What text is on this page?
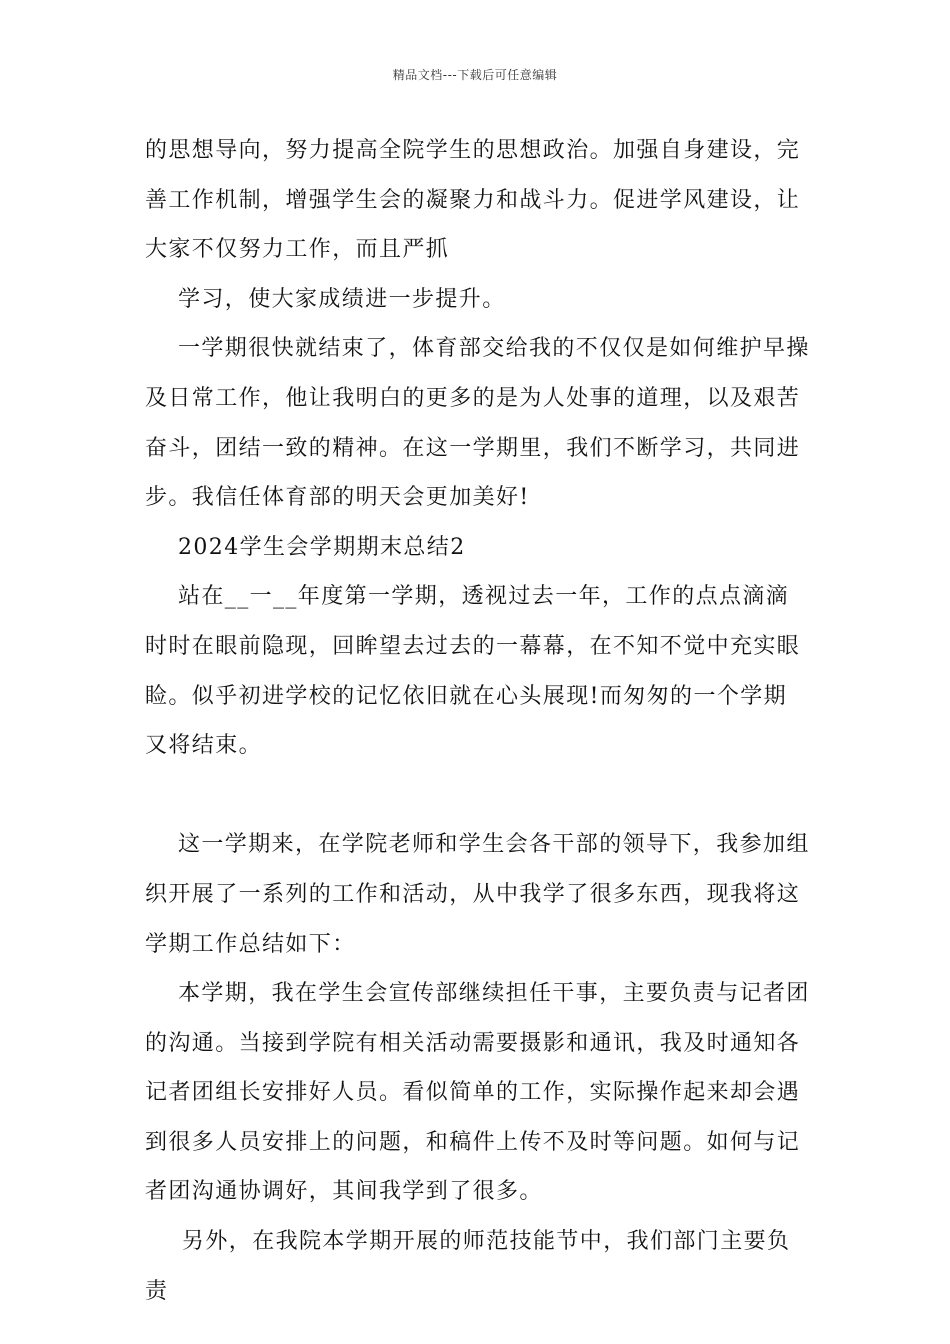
精品文档---下载后可任意编辑

的思想导向，努力提高全院学生的思想政治。加强自身建设，完善工作机制，增强学生会的凝聚力和战斗力。促进学风建设，让大家不仅努力工作，而且严抓

学习，使大家成绩进一步提升。

一学期很快就结束了，体育部交给我的不仅仅是如何维护早操及日常工作，他让我明白的更多的是为人处事的道理，以及艰苦奋斗，团结一致的精神。在这一学期里，我们不断学习，共同进步。我信任体育部的明天会更加美好!

2024学生会学期期末总结2

站在__一__年度第一学期，透视过去一年，工作的点点滴滴时时在眼前隐现，回眸望去过去的一幕幕，在不知不觉中充实眼睑。似乎初进学校的记忆依旧就在心头展现!而匆匆的一个学期又将结束。

这一学期来，在学院老师和学生会各干部的领导下，我参加组织开展了一系列的工作和活动，从中我学了很多东西，现我将这学期工作总结如下：

本学期，我在学生会宣传部继续担任干事，主要负责与记者团的沟通。当接到学院有相关活动需要摄影和通讯，我及时通知各记者团组长安排好人员。看似简单的工作，实际操作起来却会遇到很多人员安排上的问题，和稿件上传不及时等问题。如何与记者团沟通协调好，其间我学到了很多。

另外，在我院本学期开展的师范技能节中，我们部门主要负责
